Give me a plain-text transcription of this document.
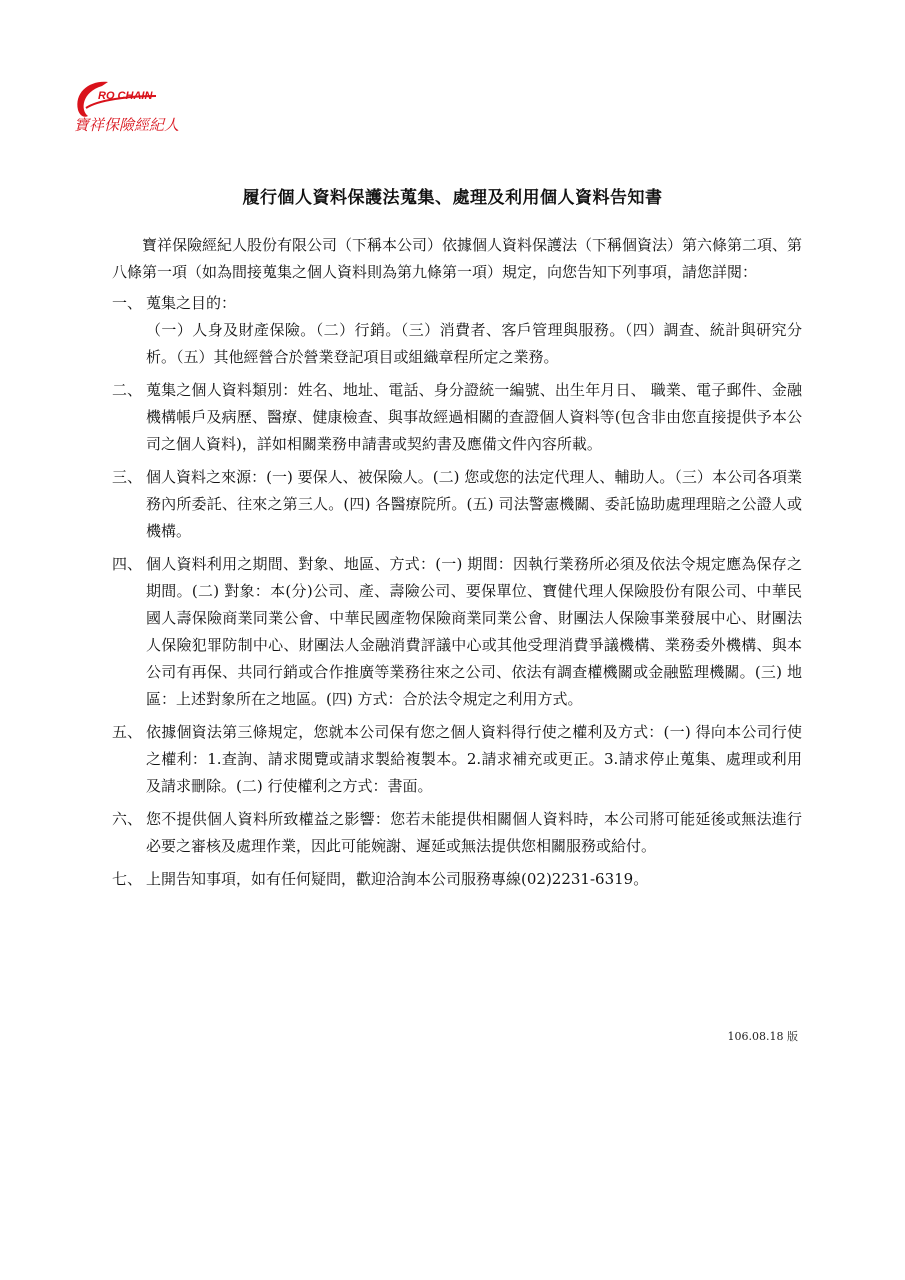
RO CHAIN
寶祥保險經紀人
履行個人資料保護法蒐集、處理及利用個人資料告知書

寶祥保險經紀人股份有限公司（下稱本公司）依據個人資料保護法（下稱個資法）第六條第二項、第八條第一項（如為間接蒐集之個人資料則為第九條第一項）規定，向您告知下列事項，請您詳閱：

一、 蒐集之目的：
（一）人身及財產保險。（二）行銷。（三）消費者、客戶管理與服務。（四）調查、統計與研究分析。（五）其他經營合於營業登記項目或組織章程所定之業務。
二、 蒐集之個人資料類別：姓名、地址、電話、身分證統一編號、出生年月日、 職業、電子郵件、金融機構帳戶及病歷、醫療、健康檢查、與事故經過相關的查證個人資料等(包含非由您直接提供予本公司之個人資料)，詳如相關業務申請書或契約書及應備文件內容所載。
三、 個人資料之來源：(一) 要保人、被保險人。(二) 您或您的法定代理人、輔助人。（三）本公司各項業務內所委託、往來之第三人。(四) 各醫療院所。(五) 司法警憲機關、委託協助處理理賠之公證人或機構。
四、 個人資料利用之期間、對象、地區、方式：(一) 期間：因執行業務所必須及依法令規定應為保存之期間。(二) 對象：本(分)公司、產、壽險公司、要保單位、寶健代理人保險股份有限公司、中華民國人壽保險商業同業公會、中華民國產物保險商業同業公會、財團法人保險事業發展中心、財團法人保險犯罪防制中心、財團法人金融消費評議中心或其他受理消費爭議機構、業務委外機構、與本公司有再保、共同行銷或合作推廣等業務往來之公司、依法有調查權機關或金融監理機關。(三) 地區：上述對象所在之地區。(四) 方式：合於法令規定之利用方式。
五、 依據個資法第三條規定，您就本公司保有您之個人資料得行使之權利及方式：(一) 得向本公司行使之權利：1.查詢、請求閱覽或請求製給複製本。2.請求補充或更正。3.請求停止蒐集、處理或利用及請求刪除。(二) 行使權利之方式：書面。
六、 您不提供個人資料所致權益之影響：您若未能提供相關個人資料時，本公司將可能延後或無法進行必要之審核及處理作業，因此可能婉謝、遲延或無法提供您相關服務或給付。
七、 上開告知事項，如有任何疑問，歡迎洽詢本公司服務專線(02)2231-6319。
106.08.18 版
